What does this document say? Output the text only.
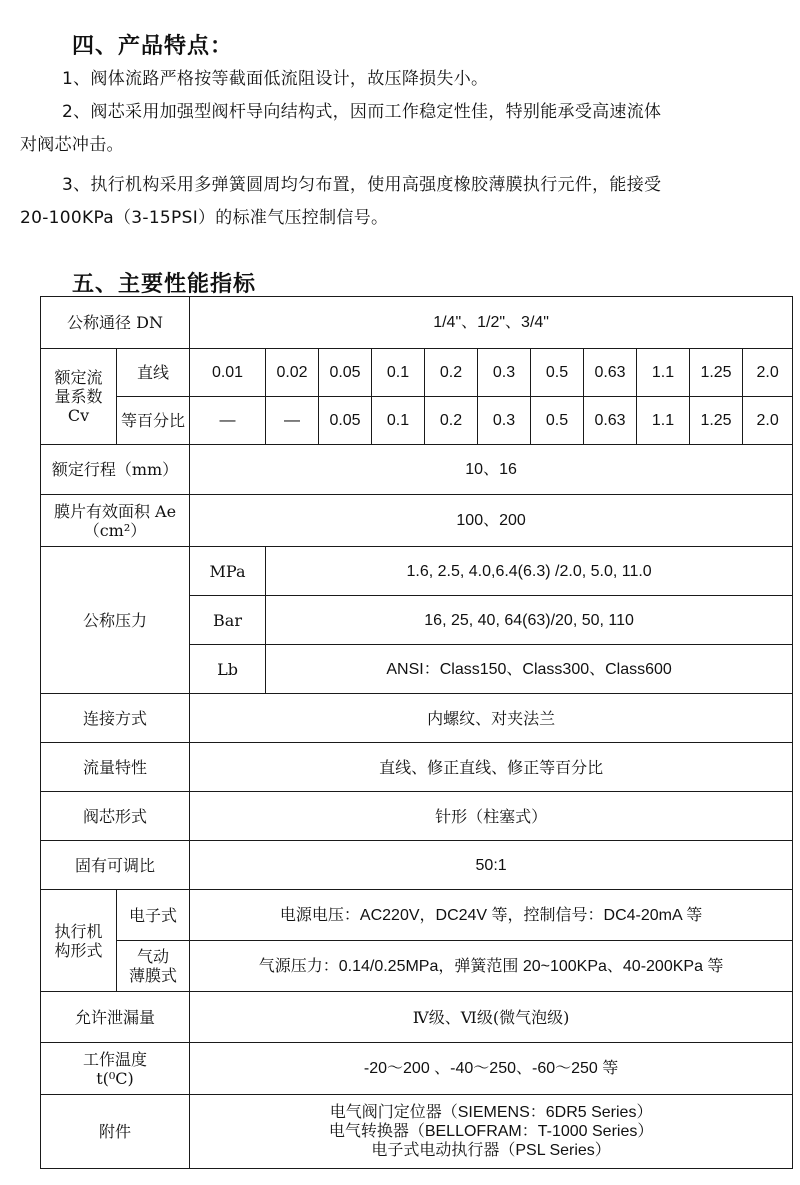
四、产品特点：
1、阀体流路严格按等截面低流阻设计，故压降损失小。
2、阀芯采用加强型阀杆导向结构式，因而工作稳定性佳，特别能承受高速流体
对阀芯冲击。
3、执行机构采用多弹簧圆周均匀布置，使用高强度橡胶薄膜执行元件，能接受
20-100KPa（3-15PSI）的标准气压控制信号。
五、主要性能指标
公称通径 DN		1/4"、1/2"、3/4"										

额定流
量系数
Cv	直线	0.01	0.02	0.05	0.1	0.2	0.3	0.5	0.63	1.1	1.25	2.0
	等百分比	—	—	0.05	0.1	0.2	0.3	0.5	0.63	1.1	1.25	2.0
额定行程（mm）		10、16										

膜片有效面积 Ae
（cm²）		100、200										
公称压力		MPa	1.6, 2.5, 4.0,6.4(6.3) /2.0, 5.0, 11.0									
		Bar	16, 25, 40, 64(63)/20, 50, 110									
		Lb	ANSI：Class150、Class300、Class600									
连接方式		内螺纹、对夹法兰										
流量特性		直线、修正直线、修正等百分比										
阀芯形式		针形（柱塞式）										
固有可调比		50:1										

执行机
构形式	电子式	电源电压：AC220V，DC24V 等，控制信号：DC4-20mA 等										

	气动
薄膜式	气源压力：0.14/0.25MPa，弹簧范围 20~100KPa、40-200KPa 等										
允许泄漏量		Ⅳ级、Ⅵ级(微气泡级)										

工作温度
t(⁰C)		-20～200 、-40～250、-60～250 等										
附件		电气阀门定位器（SIEMENS：6DR5 Series）
电气转换器（BELLOFRAM：T-1000 Series）
电子式电动执行器（PSL Series）										
